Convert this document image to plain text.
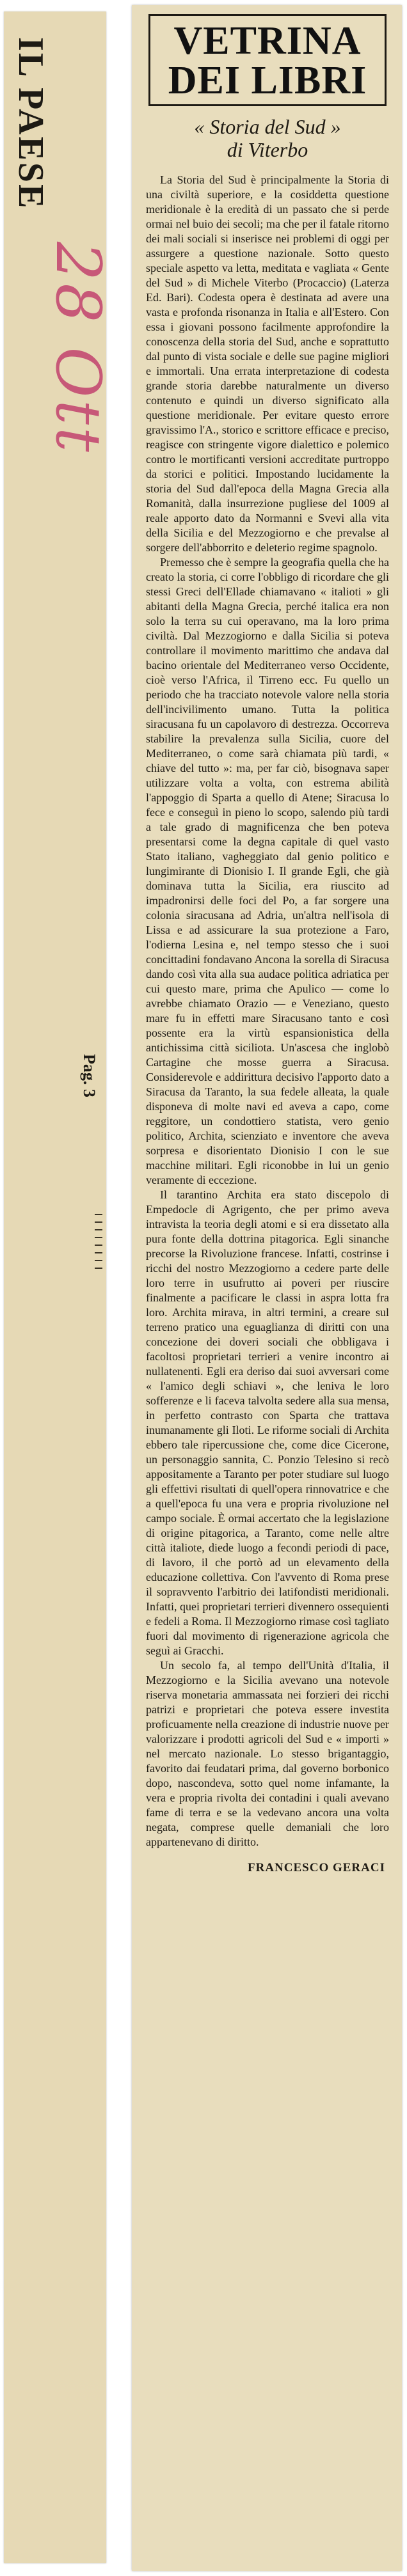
IL PAESE
28 Ott
Pag. 3
VETRINA DEI LIBRI
« Storia del Sud »
di Viterbo

La Storia del Sud è principalmente la Storia di una civiltà superiore, e la cosiddetta questione meridionale è la eredità di un passato che si perde ormai nel buio dei secoli; ma che per il fatale ritorno dei mali sociali si inserisce nei problemi di oggi per assurgere a questione nazionale. Sotto questo speciale aspetto va letta, meditata e vagliata « Gente del Sud » di Michele Viterbo (Procaccio) (Laterza Ed. Bari). Codesta opera è destinata ad avere una vasta e profonda risonanza in Italia e all'Estero. Con essa i giovani possono facilmente approfondire la conoscenza della storia del Sud, anche e soprattutto dal punto di vista sociale e delle sue pagine migliori e immortali. Una errata interpretazione di codesta grande storia darebbe naturalmente un diverso contenuto e quindi un diverso significato alla questione meridionale. Per evitare questo errore gravissimo l'A., storico e scrittore efficace e preciso, reagisce con stringente vigore dialettico e polemico contro le mortificanti versioni accreditate purtroppo da storici e politici. Impostando lucidamente la storia del Sud dall'epoca della Magna Grecia alla Romanità, dalla insurrezione pugliese del 1009 al reale apporto dato da Normanni e Svevi alla vita della Sicilia e del Mezzogiorno e che prevalse al sorgere dell'abborrito e deleterio regime spagnolo.

Premesso che è sempre la geografia quella che ha creato la storia, ci corre l'obbligo di ricordare che gli stessi Greci dell'Ellade chiamavano « italioti » gli abitanti della Magna Grecia, perché italica era non solo la terra su cui operavano, ma la loro prima civiltà. Dal Mezzogiorno e dalla Sicilia si poteva controllare il movimento marittimo che andava dal bacino orientale del Mediterraneo verso Occidente, cioè verso l'Africa, il Tirreno ecc. Fu quello un periodo che ha tracciato notevole valore nella storia dell'incivilimento umano. Tutta la politica siracusana fu un capolavoro di destrezza. Occorreva stabilire la prevalenza sulla Sicilia, cuore del Mediterraneo, o come sarà chiamata più tardi, « chiave del tutto »: ma, per far ciò, bisognava saper utilizzare volta a volta, con estrema abilità l'appoggio di Sparta a quello di Atene; Siracusa lo fece e conseguì in pieno lo scopo, salendo più tardi a tale grado di magnificenza che ben poteva presentarsi come la degna capitale di quel vasto Stato italiano, vagheggiato dal genio politico e lungimirante di Dionisio I. Il grande Egli, che già dominava tutta la Sicilia, era riuscito ad impadronirsi delle foci del Po, a far sorgere una colonia siracusana ad Adria, un'altra nell'isola di Lissa e ad assicurare la sua protezione a Faro, l'odierna Lesina e, nel tempo stesso che i suoi concittadini fondavano Ancona la sorella di Siracusa dando così vita alla sua audace politica adriatica per cui questo mare, prima che Apulico — come lo avrebbe chiamato Orazio — e Veneziano, questo mare fu in effetti mare Siracusano tanto e così possente era la virtù espansionistica della antichissima città siciliota. Un'ascesa che inglobò Cartagine che mosse guerra a Siracusa. Considerevole e addirittura decisivo l'apporto dato a Siracusa da Taranto, la sua fedele alleata, la quale disponeva di molte navi ed aveva a capo, come reggitore, un condottiero statista, vero genio politico, Archita, scienziato e inventore che aveva sorpresa e disorientato Dionisio I con le sue macchine militari. Egli riconobbe in lui un genio veramente di eccezione.

Il tarantino Archita era stato discepolo di Empedocle di Agrigento, che per primo aveva intravista la teoria degli atomi e si era dissetato alla pura fonte della dottrina pitagorica. Egli sinanche precorse la Rivoluzione francese. Infatti, costrinse i ricchi del nostro Mezzogiorno a cedere parte delle loro terre in usufrutto ai poveri per riuscire finalmente a pacificare le classi in aspra lotta fra loro. Archita mirava, in altri termini, a creare sul terreno pratico una eguaglianza di diritti con una concezione dei doveri sociali che obbligava i facoltosi proprietari terrieri a venire incontro ai nullatenenti. Egli era deriso dai suoi avversari come « l'amico degli schiavi », che leniva le loro sofferenze e li faceva talvolta sedere alla sua mensa, in perfetto contrasto con Sparta che trattava inumanamente gli Iloti. Le riforme sociali di Archita ebbero tale ripercussione che, come dice Cicerone, un personaggio sannita, C. Ponzio Telesino si recò appositamente a Taranto per poter studiare sul luogo gli effettivi risultati di quell'opera rinnovatrice e che a quell'epoca fu una vera e propria rivoluzione nel campo sociale. È ormai accertato che la legislazione di origine pitagorica, a Taranto, come nelle altre città italiote, diede luogo a fecondi periodi di pace, di lavoro, il che portò ad un elevamento della educazione collettiva. Con l'avvento di Roma prese il sopravvento l'arbitrio dei latifondisti meridionali. Infatti, quei proprietari terrieri divennero ossequienti e fedeli a Roma. Il Mezzogiorno rimase così tagliato fuori dal movimento di rigenerazione agricola che seguì ai Gracchi.

Un secolo fa, al tempo dell'Unità d'Italia, il Mezzogiorno e la Sicilia avevano una notevole riserva monetaria ammassata nei forzieri dei ricchi patrizi e proprietari che poteva essere investita proficuamente nella creazione di industrie nuove per valorizzare i prodotti agricoli del Sud e « importi » nel mercato nazionale. Lo stesso brigantaggio, favorito dai feudatari prima, dal governo borbonico dopo, nascondeva, sotto quel nome infamante, la vera e propria rivolta dei contadini i quali avevano fame di terra e se la vedevano ancora una volta negata, comprese quelle demaniali che loro appartenevano di diritto.

FRANCESCO GERACI
